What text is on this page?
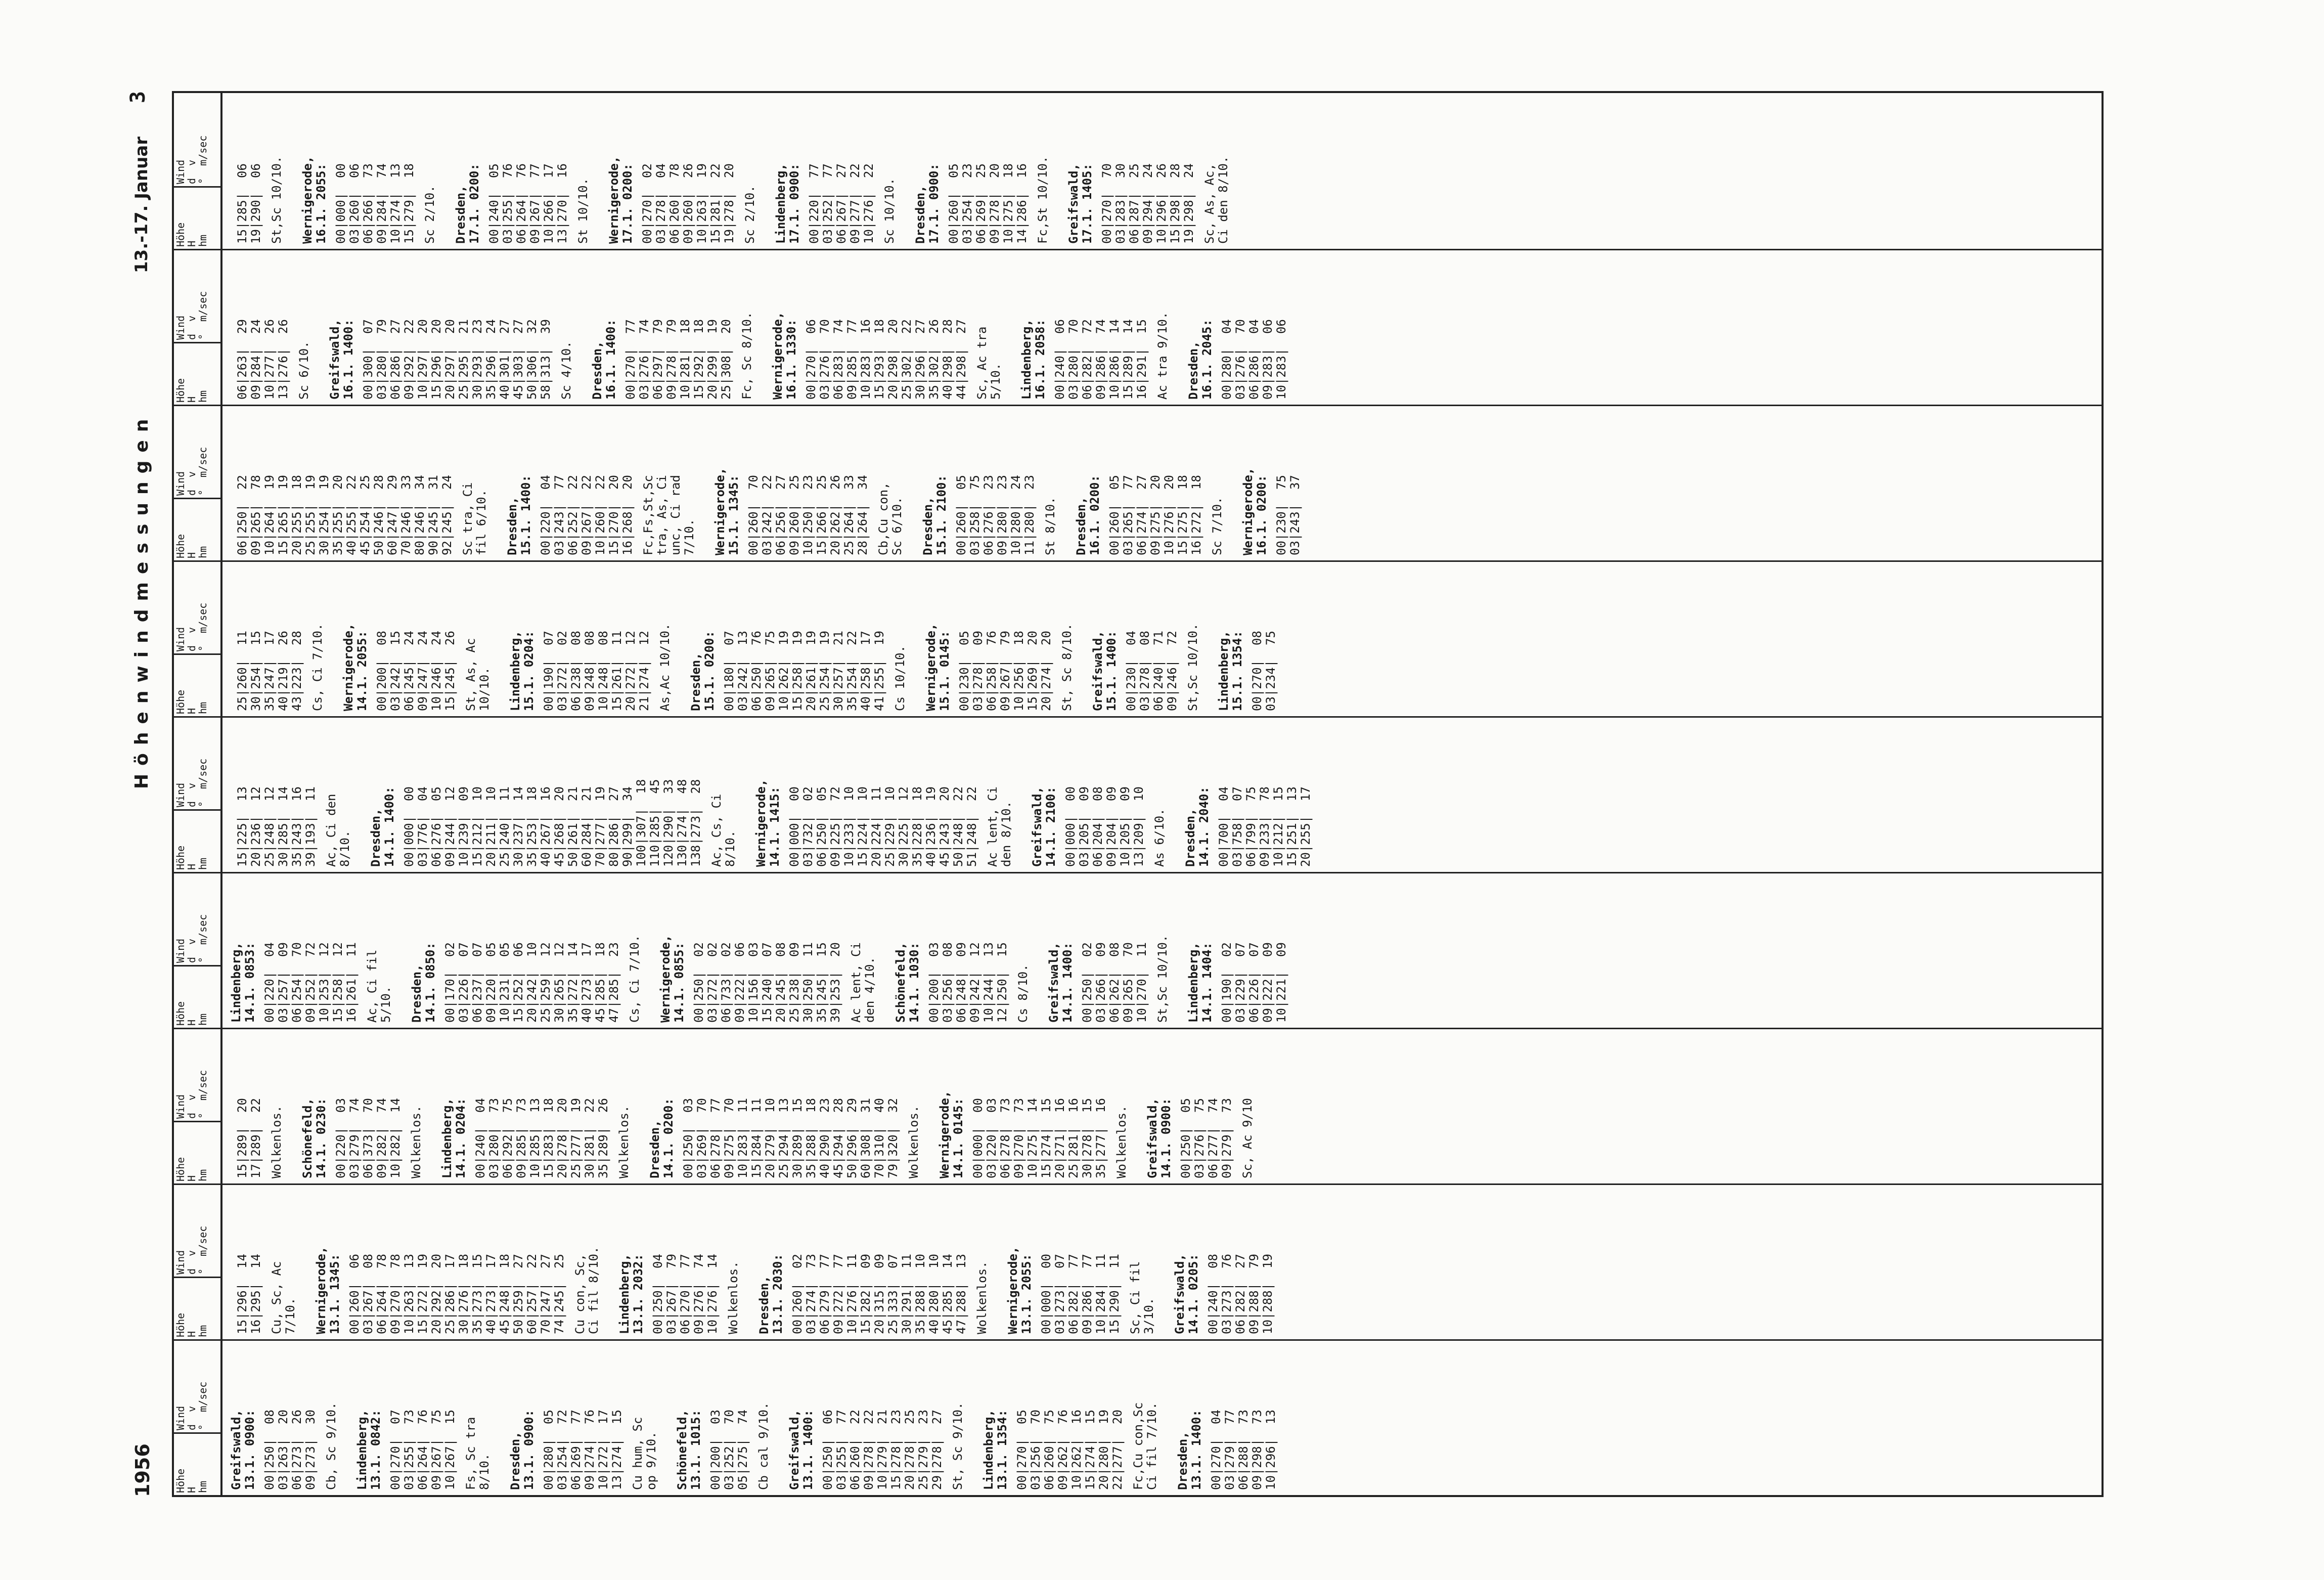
1956
Höhenwindmessungen
13.-17. Januar
3
Höhe
H
hm
Wind
d  v
°  m/sec
Greifswald,
13.1. 0900: 00|250|  08 03|263|  20 06|273|  26 09|273|  30 Cb, Sc 9/10. Lindenberg,
13.1. 0842: 00|270|  07 03|255|  73 06|264|  76 09|267|  75 10|267|  15 Fs, Sc tra
8/10. Dresden,
13.1. 0900: 00|280|  05 03|254|  72 06|269|  77 09|274|  76 10|272|  17 13|274|  15 Cu hum, Sc
op 9/10. Schönefeld,
13.1. 1015: 00|200|  03 03|252|  70 05|275|  74 Cb cal 9/10. Greifswald,
13.1. 1400: 00|250|  06 03|255|  77 06|260|  22 09|278|  22 10|279|  21 15|278|  23 20|278|  25 25|279|  23 29|278|  27 St, Sc 9/10. Lindenberg,
13.1. 1354: 00|270|  05 03|256|  70 06|260|  75 09|262|  76 10|262|  16 15|274|  15 20|280|  19 22|277|  20 Fc,Cu con,Sc
Ci fil 7/10.
Dresden,
13.1. 1400: 00|270|  04 03|279|  77 06|288|  73 09|298|  73 10|296|  13
Höhe
H
hm
Wind
d  v
°  m/sec
15|296|  14 16|295|  14 Cu, Sc, Ac
7/10. Wernigerode,
13.1. 1345: 00|260|  06 03|267|  08 06|264|  78 09|270|  78 10|263|  13 15|272|  19 20|292|  20 25|286|  17 30|276|  18 35|273|  15 40|273|  17 45|248|  18 50|259|  27 60|257|  22 70|247|  27 74|245|  25 Cu con, Sc,
Ci fil 8/10. Lindenberg,
13.1. 2032: 00|250|  04 03|267|  79 06|270|  77 09|276|  74 10|276|  14 Wolkenlos. Dresden,
13.1. 2030: 00|260|  02 03|274|  73 06|279|  77 09|272|  77 10|276|  11 15|282|  09 20|315|  09 25|333|  07 30|291|  11 35|288|  10 40|280|  10 45|285|  14 47|288|  13 Wolkenlos. Wernigerode,
13.1. 2055: 00|000|  00 03|273|  07 06|282|  77 09|286|  77 10|284|  11 15|290|  11 Sc, Ci fil
3/10. Greifswald,
14.1. 0205: 00|240|  08 03|273|  76 06|282|  27 09|288|  79 10|288|  19
Höhe
H
hm
Wind
d  v
°  m/sec
15|289|  20 17|289|  22 Wolkenlos. Schönefeld,
14.1. 0230: 00|220|  03 03|279|  74 06|373|  70 09|282|  74 10|282|  14 Wolkenlos. Lindenberg,
14.1. 0204: 00|240|  04 03|280|  73 06|292|  75 09|285|  73 10|285|  13 15|283|  18 20|278|  20 25|277|  19 30|281|  22 35|289|  26 Wolkenlos. Dresden,
14.1. 0200: 00|250|  03 03|269|  70 06|278|  77 09|275|  70 10|283|  11 15|284|  11 20|279|  10 25|294|  13 30|289|  15 35|288|  18 40|290|  23 45|294|  28 50|296|  29 60|308|  31 70|310|  40 79|320|  32 Wolkenlos. Wernigerode,
14.1. 0145: 00|000|  00 03|220|  03 06|278|  73 09|270|  73 10|275|  14 15|274|  15 20|271|  16 25|281|  16 30|278|  15 35|277|  16 Wolkenlos. Greifswald,
14.1. 0900: 00|250|  05 03|276|  75 06|277|  74 09|279|  73 Sc, Ac 9/10
Höhe
H
hm
Wind
d  v
°  m/sec
Lindenberg,
14.1. 0853: 00|220|  04 03|257|  09 06|254|  70 09|252|  72 10|253|  12 15|258|  12 16|261|  11 Ac, Ci fil
5/10. Dresden,
14.1. 0850: 00|170|  02 03|226|  07 06|237|  07 09|220|  05 10|231|  05 15|252|  06 20|242|  10 25|259|  12 30|265|  12 35|272|  14 40|273|  17 45|285|  18 47|285|  23 Cs, Ci 7/10. Wernigerode,
14.1. 0855: 00|250|  02 03|272|  02 06|733|  02 09|222|  06 10|156|  03 15|240|  07 20|245|  08 25|238|  09 30|250|  11 35|245|  15 39|253|  20 Ac lent, Ci
den 4/10. Schönefeld,
14.1. 1030: 00|200|  03 03|256|  08 06|248|  09 09|242|  12 10|244|  13 12|250|  15 Cs 8/10. Greifswald,
14.1. 1400: 00|250|  02 03|266|  09 06|262|  08 09|265|  70 10|270|  11 St,Sc 10/10. Lindenberg,
14.1. 1404: 00|190|  02 03|229|  07 06|226|  07 09|222|  09 10|221|  09
Höhe
H
hm
Wind
d  v
°  m/sec
15|225|  13 20|236|  12 25|248|  12 30|285|  14 35|243|  16 39|193|  11 Ac, Ci den
8/10. Dresden,
14.1. 1400: 00|000|  00 03|776|  04 06|276|  05 09|244|  12 10|239|  09 15|212|  10 20|211|  10 25|240|  11 30|237|  14 35|253|  18 40|267|  16 45|268|  20 50|261|  21 60|284|  21 70|277|  19 80|286|  27 90|299|  34 100|307|  18 110|285|  45 120|290|  33 130|274|  48 138|273|  28 Ac, Cs, Ci
8/10. Wernigerode,
14.1. 1415: 00|000|  00 03|732|  02 06|250|  05 09|225|  72 10|233|  10 15|224|  10 20|224|  11 25|229|  10 30|225|  12 35|228|  18 40|236|  19 45|243|  20 50|248|  22 51|248|  22 Ac lent, Ci
den 8/10. Greifswald,
14.1. 2100: 00|000|  00 03|205|  09 06|204|  08 09|204|  09 10|205|  09 13|209|  10 As 6/10. Dresden,
14.1. 2040: 00|700|  04 03|758|  07 06|799|  75 09|233|  78 10|212|  15 15|251|  13 20|255|  17
Höhe
H
hm
Wind
d  v
°  m/sec
25|260|  11 30|254|  15 35|247|  17 40|219|  26 43|223|  28 Cs, Ci 7/10. Wernigerode,
14.1. 2055: 00|200|  08 03|242|  15 06|245|  24 09|247|  24 10|246|  24 15|245|  26 St, As, Ac
10/10. Lindenberg,
15.1. 0204: 00|190|  07 03|272|  02 06|238|  08 09|248|  08 10|248|  08 15|261|  11 20|272|  12 21|274|  12 As,Ac 10/10. Dresden,
15.1. 0200: 00|180|  07 03|242|  13 06|250|  76 09|265|  75 10|262|  19 15|258|  19 20|261|  19 25|254|  19 30|257|  21 35|254|  22 40|258|  17 41|255|  19 Cs 10/10. Wernigerode,
15.1. 0145: 00|230|  05 03|278|  09 06|258|  76 09|267|  79 10|256|  18 15|269|  20 20|274|  20 St, Sc 8/10. Greifswald,
15.1. 1400: 00|230|  04 03|278|  08 06|240|  71 09|246|  72 St,Sc 10/10. Lindenberg,
15.1. 1354: 00|270|  08 03|234|  75
Höhe
H
hm
Wind
d  v
°  m/sec
06|250|  22 09|265|  78 10|264|  19 15|265|  19 20|255|  18 25|255|  19 30|254|  19 35|255|  20 40|255|  22 45|254|  25 50|246|  28 60|247|  29 70|246|  33 80|246|  34 90|245|  31 92|245|  24 Sc tra, Ci
fil 6/10. Dresden,
15.1. 1400: 00|220|  04 03|243|  77 06|252|  22 09|267|  22 10|260|  22 15|270|  20 16|268|  20 Fc,Fs,St,Sc
tra, As, Ci
unc, Ci rad
7/10. Wernigerode,
15.1. 1345: 00|260|  70 03|242|  22 06|256|  27 09|260|  25 10|250|  23 15|266|  25 20|262|  26 25|264|  33 28|264|  34 Cb,Cu con,
Sc 6/10. Dresden,
15.1. 2100: 00|260|  05 03|258|  75 06|276|  23 09|280|  23 10|280|  24 11|280|  23 St 8/10. Dresden,
16.1. 0200: 00|260|  05 03|265|  77 06|274|  27 09|275|  20 10|276|  20 15|275|  18 16|272|  18 Sc 7/10. Wernigerode,
16.1. 0200: 00|230|  75 03|243|  37
Höhe
H
hm
Wind
d  v
°  m/sec
06|263|  29 09|284|  24 10|277|  26 13|276|  26 Sc 6/10. Greifswald,
16.1. 1400: 00|300|  07 03|280|  79 06|286|  27 09|292|  22 10|297|  20 15|296|  20 20|297|  20 25|295|  21 30|293|  23 35|296|  24 40|301|  27 45|303|  27 50|306|  32 58|313|  39 Sc 4/10. Dresden,
16.1. 1400: 00|270|  77 03|276|  74 06|297|  79 09|278|  79 10|281|  18 15|292|  18 20|299|  19 25|308|  20 Fc, Sc 8/10. Wernigerode,
16.1. 1330: 00|270|  06 03|276|  70 06|283|  74 09|285|  77 10|283|  16 15|293|  18 20|298|  20 25|302|  22 30|296|  27 35|302|  26 40|298|  28 44|298|  27 Sc, Ac tra
5/10. Lindenberg,
16.1. 2058: 00|240|  06 03|280|  70 06|282|  72 09|286|  74 10|286|  14 15|289|  14 16|291|  15 Ac tra 9/10. Dresden,
16.1. 2045: 00|280|  04 03|276|  70 06|286|  04 09|283|  06 10|283|  06
Höhe
H
hm
Wind
d  v
°  m/sec
15|285|  06 19|290|  06 St,Sc 10/10. Wernigerode,
16.1. 2055: 00|000|  00 03|260|  06 06|266|  73 09|284|  74 10|274|  13 15|279|  18 Sc 2/10. Dresden,
17.1. 0200: 00|240|  05 03|255|  76 06|264|  76 09|267|  77 10|266|  17 13|270|  16 St 10/10. Wernigerode,
17.1. 0200: 00|270|  02 03|278|  04 06|260|  78 09|260|  26 10|263|  19 15|281|  22 19|278|  20 Sc 2/10. Lindenberg,
17.1. 0900: 00|220|  77 03|252|  77 06|267|  27 09|277|  22 10|276|  22 Sc 10/10. Dresden,
17.1. 0900: 00|260|  05 03|254|  23 06|269|  25 09|278|  20 10|275|  18 14|286|  16 Fc,St 10/10. Greifswald,
17.1. 1405: 00|270|  70 03|283|  30 06|287|  25 09|294|  24 10|296|  26 15|298|  28 19|298|  24 Sc, As, Ac,
Ci den 8/10.
